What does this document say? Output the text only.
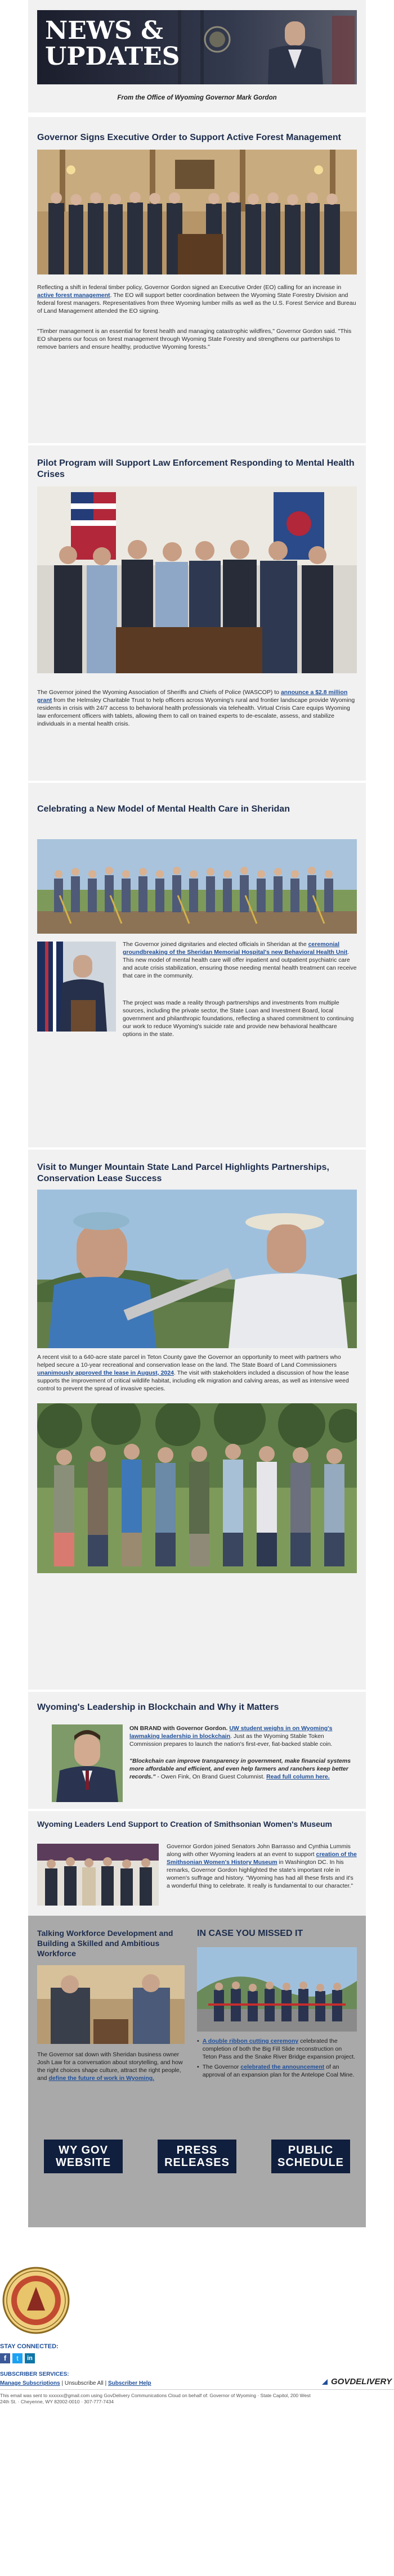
NEWS &
UPDATES
From the Office of Wyoming Governor Mark Gordon
Governor Signs Executive Order to Support Active Forest Management
Reflecting a shift in federal timber policy, Governor Gordon signed an Executive Order (EO) calling for an increase in active forest management. The EO will support better coordination between the Wyoming State Forestry Division and federal forest managers. Representatives from three Wyoming lumber mills as well as the U.S. Forest Service and Bureau of Land Management attended the EO signing.
"Timber management is an essential for forest health and managing catastrophic wildfires," Governor Gordon said. "This EO sharpens our focus on forest management through Wyoming State Forestry and strengthens our partnerships to remove barriers and ensure healthy, productive Wyoming forests."
Pilot Program will Support Law Enforcement Responding to Mental Health Crises
The Governor joined the Wyoming Association of Sheriffs and Chiefs of Police (WASCOP) to announce a $2.8 million grant from the Helmsley Charitable Trust to help officers across Wyoming's rural and frontier landscape provide Wyoming residents in crisis with 24/7 access to behavioral health professionals via telehealth. Virtual Crisis Care equips Wyoming law enforcement officers with tablets, allowing them to call on trained experts to de-escalate, assess, and stabilize individuals in a mental health crisis.
Celebrating a New Model of Mental Health Care in Sheridan
The Governor joined dignitaries and elected officials in Sheridan at the ceremonial groundbreaking of the Sheridan Memorial Hospital's new Behavioral Health Unit. This new model of mental health care will offer inpatient and outpatient psychiatric care and acute crisis stabilization, ensuring those needing mental health treatment can receive that care in the community.
The project was made a reality through partnerships and investments from multiple sources, including the private sector, the State Loan and Investment Board, local government and philanthropic foundations, reflecting a shared commitment to continuing our work to reduce Wyoming's suicide rate and provide new behavioral healthcare options in the state.
Visit to Munger Mountain State Land Parcel Highlights Partnerships, Conservation Lease Success
A recent visit to a 640-acre state parcel in Teton County gave the Governor an opportunity to meet with partners who helped secure a 10-year recreational and conservation lease on the land. The State Board of Land Commissioners unanimously approved the lease in August, 2024. The visit with stakeholders included a discussion of how the lease supports the improvement of critical wildlife habitat, including elk migration and calving areas, as well as intensive weed control to prevent the spread of invasive species.
Wyoming's Leadership in Blockchain and Why it Matters
ON BRAND with Governor Gordon. UW student weighs in on Wyoming's lawmaking leadership in blockchain. Just as the Wyoming Stable Token Commission prepares to launch the nation's first-ever, fiat-backed stable coin.
"Blockchain can improve transparency in government, make financial systems more affordable and efficient, and even help farmers and ranchers keep better records." - Owen Fink, On Brand Guest Columnist. Read full column here.
Wyoming Leaders Lend Support to Creation of Smithsonian Women's Museum
Governor Gordon joined Senators John Barrasso and Cynthia Lummis along with other Wyoming leaders at an event to support creation of the Smithsonian Women's History Museum in Washington DC. In his remarks, Governor Gordon highlighted the state's important role in women's suffrage and history. "Wyoming has had all these firsts and it's a wonderful thing to celebrate. It really is fundamental to our character."
Talking Workforce Development and Building a Skilled and Ambitious Workforce
The Governor sat down with Sheridan business owner Josh Law for a conversation about storytelling, and how the right choices shape culture, attract the right people, and define the future of work in Wyoming.
IN CASE YOU MISSED IT
• A double ribbon cutting ceremony celebrated the completion of both the Big Fill Slide reconstruction on Teton Pass and the Snake River Bridge expansion project.
• The Governor celebrated the announcement of an approval of an expansion plan for the Antelope Coal Mine.
WY GOV
WEBSITE
PRESS
RELEASES
PUBLIC
SCHEDULE
STAY CONNECTED:
f	t	in
SUBSCRIBER SERVICES:
Manage Subscriptions | Unsubscribe All | Subscriber Help
This email was sent to xxxxxx@gmail.com using GovDelivery Communications Cloud on behalf of: Governor of Wyoming · State Capitol, 200 West 24th St. · Cheyenne, WY 82002-0010 · 307-777-7434
GOVDELIVERY
